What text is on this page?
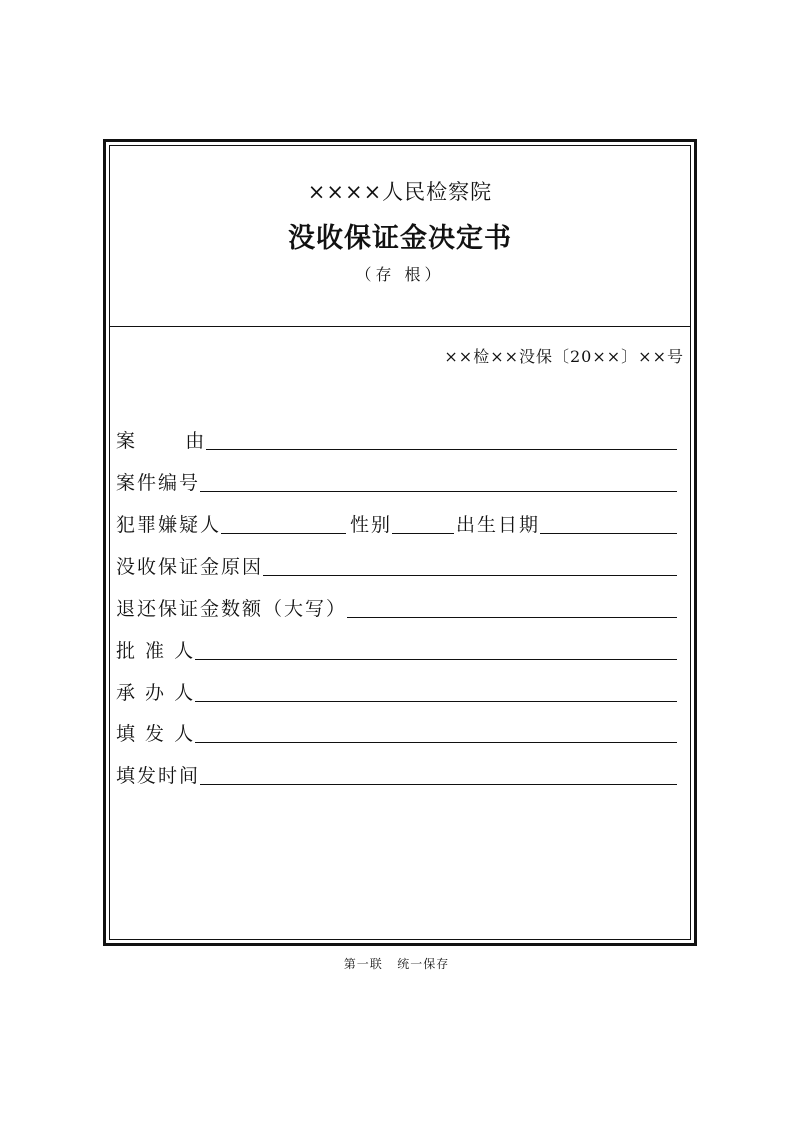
××××人民检察院
没收保证金决定书
（存 根）
××检××没保〔20××〕××号
案      由
案件编号
犯罪嫌疑人	性别	出生日期
没收保证金原因
退还保证金数额（大写）
批 准 人
承 办 人
填 发 人
填发时间
第一联   统一保存
